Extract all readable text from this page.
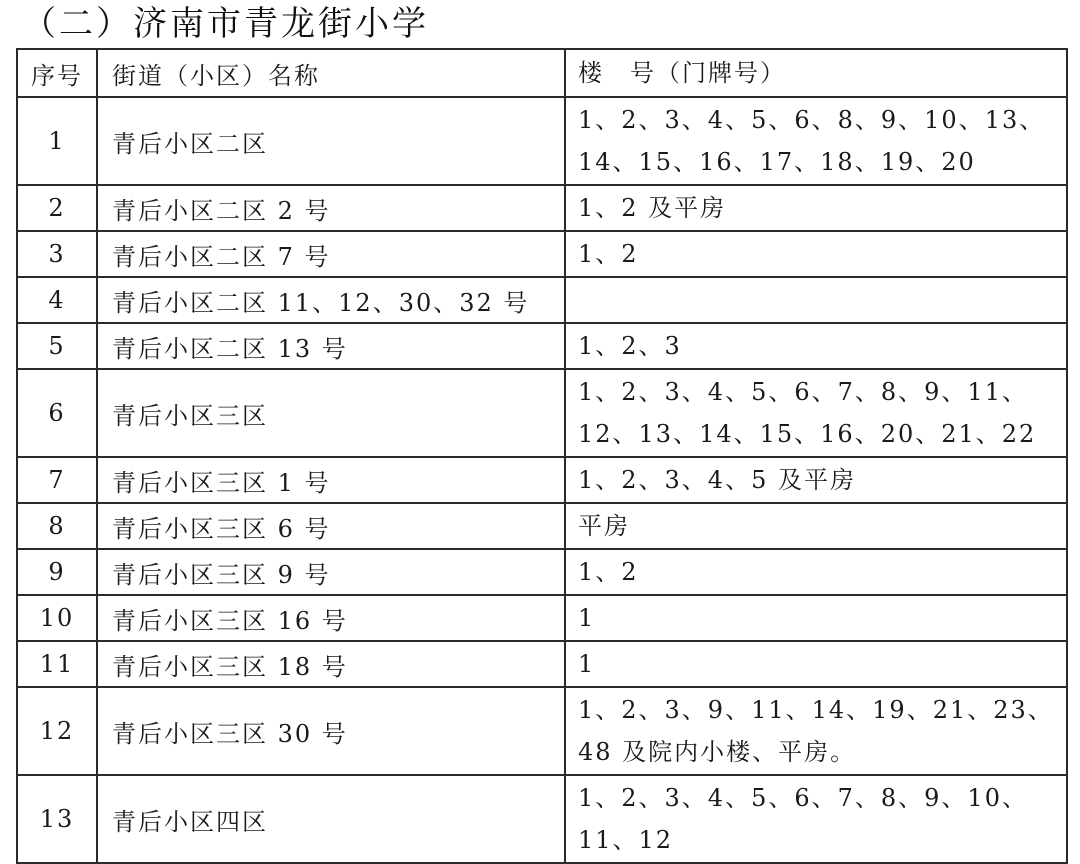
（二）济南市青龙街小学
序号	街道（小区）名称	楼　号（门牌号）
1	青后小区二区	1、2、3、4、5、6、8、9、10、13、14、15、16、17、18、19、20
2	青后小区二区 2 号	1、2 及平房
3	青后小区二区 7 号	1、2
4	青后小区二区 11、12、30、32 号	
5	青后小区二区 13 号	1、2、3
6	青后小区三区	1、2、3、4、5、6、7、8、9、11、12、13、14、15、16、20、21、22
7	青后小区三区 1 号	1、2、3、4、5 及平房
8	青后小区三区 6 号	平房
9	青后小区三区 9 号	1、2
10	青后小区三区 16 号	1
11	青后小区三区 18 号	1
12	青后小区三区 30 号	1、2、3、9、11、14、19、21、23、48 及院内小楼、平房。
13	青后小区四区	1、2、3、4、5、6、7、8、9、10、11、12
